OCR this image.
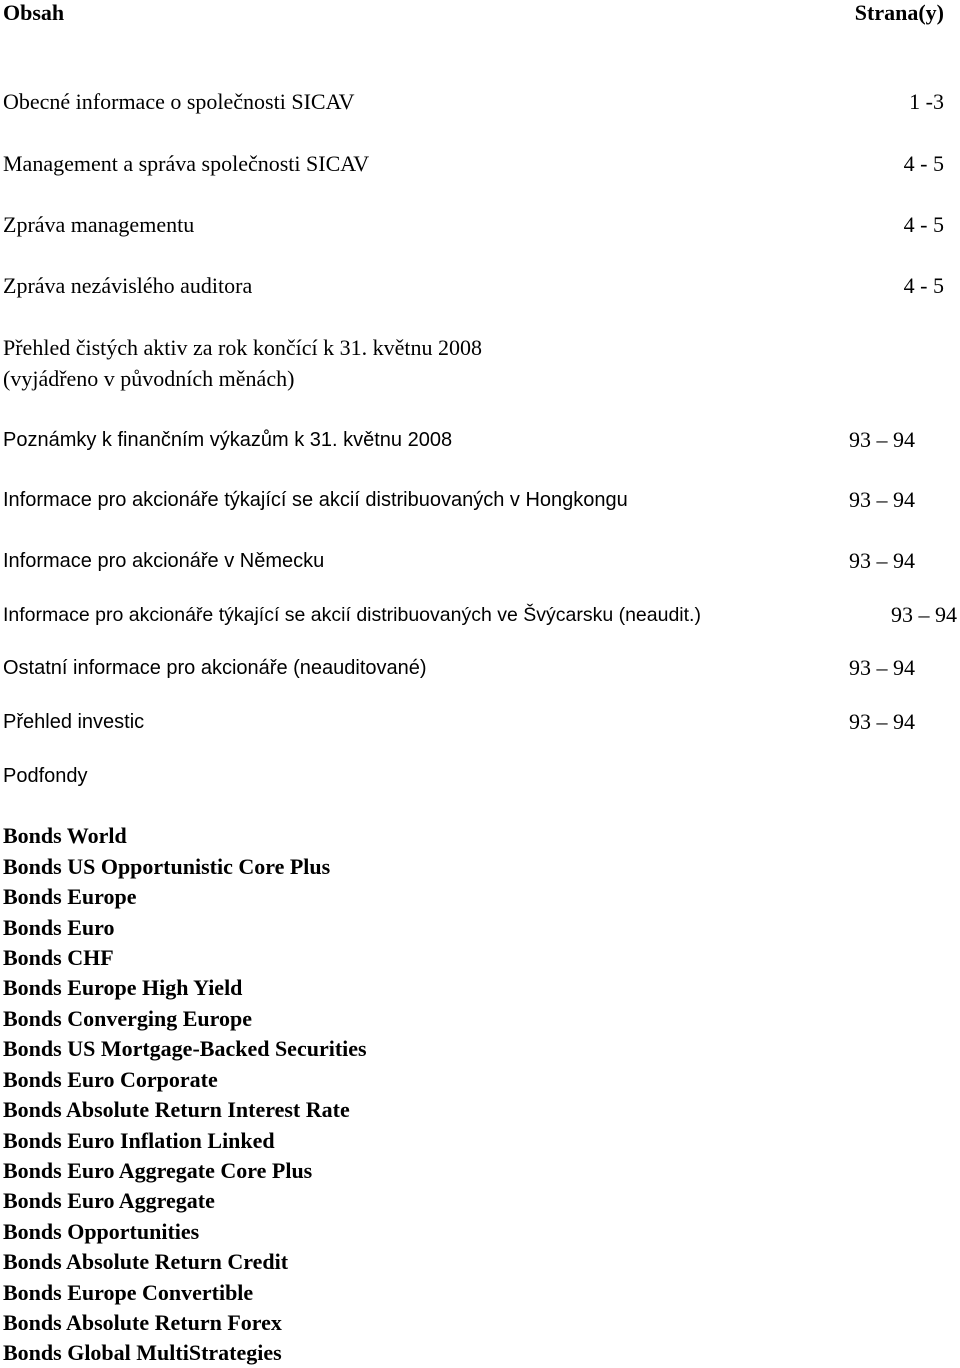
Obsah	Strana(y)
Obecné informace o společnosti SICAV	1 -3
Management a správa společnosti SICAV	4 - 5
Zpráva managementu	4 - 5
Zpráva nezávislého auditora	4 - 5
Přehled čistých aktiv za rok končící k 31. květnu 2008
(vyjádřeno v původních měnách)
Poznámky k finančním výkazům k 31. květnu 2008	93 – 94
Informace pro akcionáře týkající se akcií distribuovaných v Hongkongu	93 – 94
Informace pro akcionáře v Německu	93 – 94
Informace pro akcionáře týkající se akcií distribuovaných ve Švýcarsku (neaudit.)	93 – 94
Ostatní informace pro akcionáře (neauditované)	93 – 94
Přehled investic	93 – 94
Podfondy
Bonds World
Bonds US Opportunistic Core Plus
Bonds Europe
Bonds Euro
Bonds CHF
Bonds Europe High Yield
Bonds Converging Europe
Bonds US Mortgage-Backed Securities
Bonds Euro Corporate
Bonds Absolute Return Interest Rate
Bonds Euro Inflation Linked
Bonds Euro Aggregate Core Plus
Bonds Euro Aggregate
Bonds Opportunities
Bonds Absolute Return Credit
Bonds Europe Convertible
Bonds Absolute Return Forex
Bonds Global MultiStrategies
